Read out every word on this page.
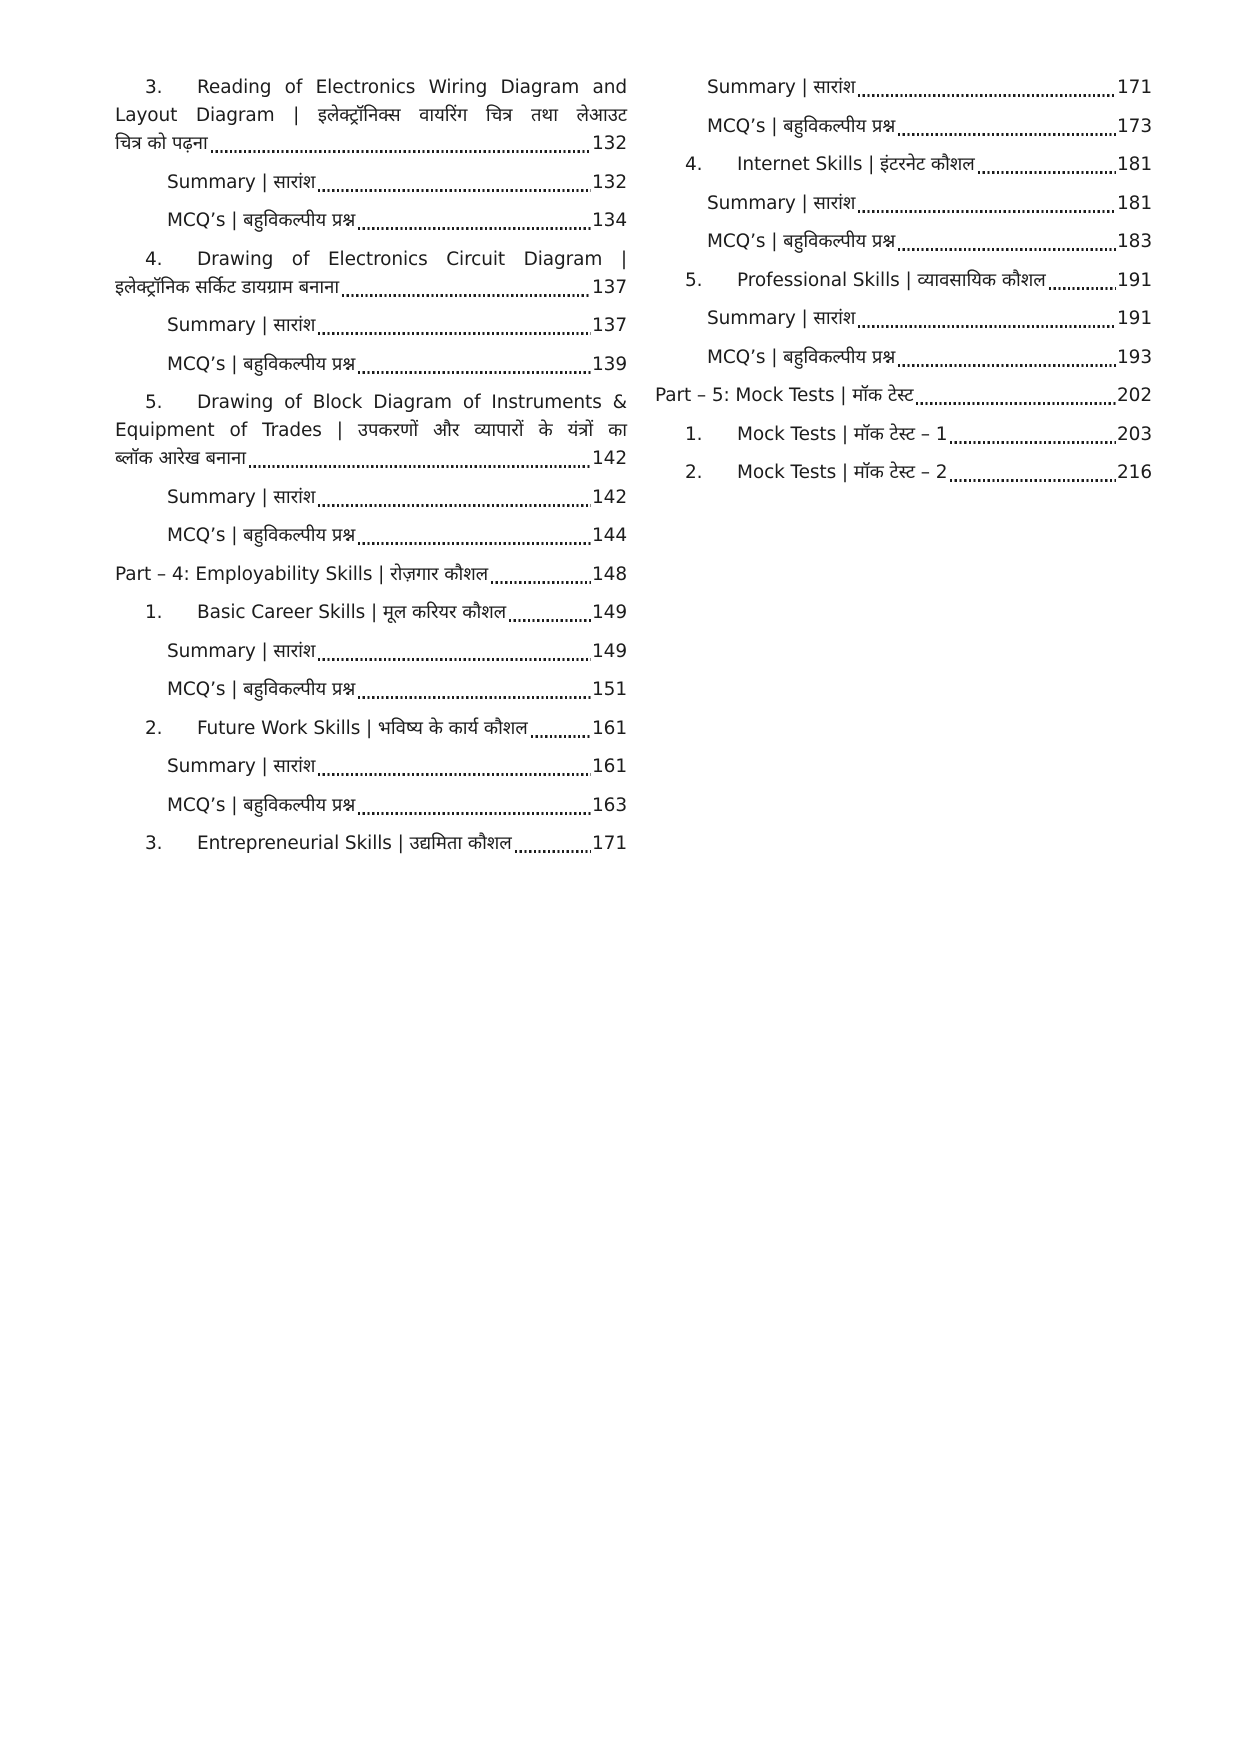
3. Reading of Electronics Wiring Diagram and
Layout Diagram | इलेक्ट्रॉनिक्स वायरिंग चित्र तथा लेआउट
चित्र को पढ़ना	132
Summary | सारांश	132
MCQ’s | बहुविकल्पीय प्रश्न	134
4. Drawing of Electronics Circuit Diagram |
इलेक्ट्रॉनिक सर्किट डायग्राम बनाना	137
Summary | सारांश	137
MCQ’s | बहुविकल्पीय प्रश्न	139
5. Drawing of Block Diagram of Instruments &
Equipment of Trades | उपकरणों और व्यापारों के यंत्रों का
ब्लॉक आरेख बनाना	142
Summary | सारांश	142
MCQ’s | बहुविकल्पीय प्रश्न	144
Part – 4: Employability Skills | रोज़गार कौशल	148
1.	Basic Career Skills | मूल करियर कौशल	149
Summary | सारांश	149
MCQ’s | बहुविकल्पीय प्रश्न	151
2.	Future Work Skills | भविष्य के कार्य कौशल	161
Summary | सारांश	161
MCQ’s | बहुविकल्पीय प्रश्न	163
3.	Entrepreneurial Skills | उद्यमिता कौशल	171
Summary | सारांश	171
MCQ’s | बहुविकल्पीय प्रश्न	173
4.	Internet Skills | इंटरनेट कौशल	181
Summary | सारांश	181
MCQ’s | बहुविकल्पीय प्रश्न	183
5.	Professional Skills | व्यावसायिक कौशल	191
Summary | सारांश	191
MCQ’s | बहुविकल्पीय प्रश्न	193
Part – 5: Mock Tests | मॉक टेस्ट	202
1.	Mock Tests | मॉक टेस्ट – 1	203
2.	Mock Tests | मॉक टेस्ट – 2	216
